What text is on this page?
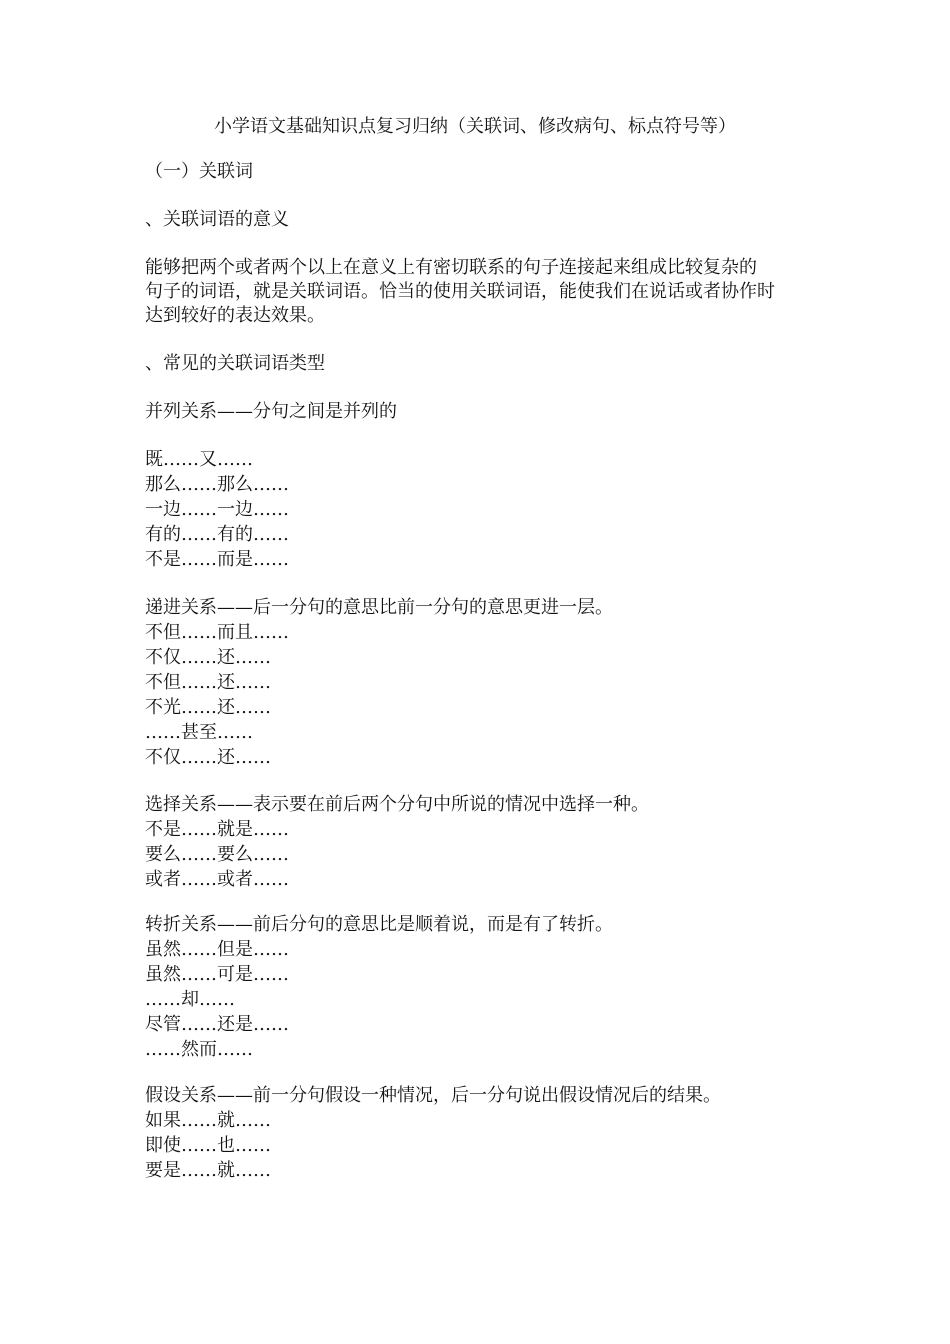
小学语文基础知识点复习归纳（关联词、修改病句、标点符号等）
（一）关联词
、关联词语的意义
能够把两个或者两个以上在意义上有密切联系的句子连接起来组成比较复杂的
句子的词语，就是关联词语。恰当的使用关联词语，能使我们在说话或者协作时
达到较好的表达效果。
、常见的关联词语类型
并列关系——分句之间是并列的
既……又……
那么……那么……
一边……一边……
有的……有的……
不是……而是……
递进关系——后一分句的意思比前一分句的意思更进一层。
不但……而且……
不仅……还……
不但……还……
不光……还……
……甚至……
不仅……还……
选择关系——表示要在前后两个分句中所说的情况中选择一种。
不是……就是……
要么……要么……
或者……或者……
转折关系——前后分句的意思比是顺着说，而是有了转折。
虽然……但是……
虽然……可是……
……却……
尽管……还是……
……然而……
假设关系——前一分句假设一种情况，后一分句说出假设情况后的结果。
如果……就……
即使……也……
要是……就……
